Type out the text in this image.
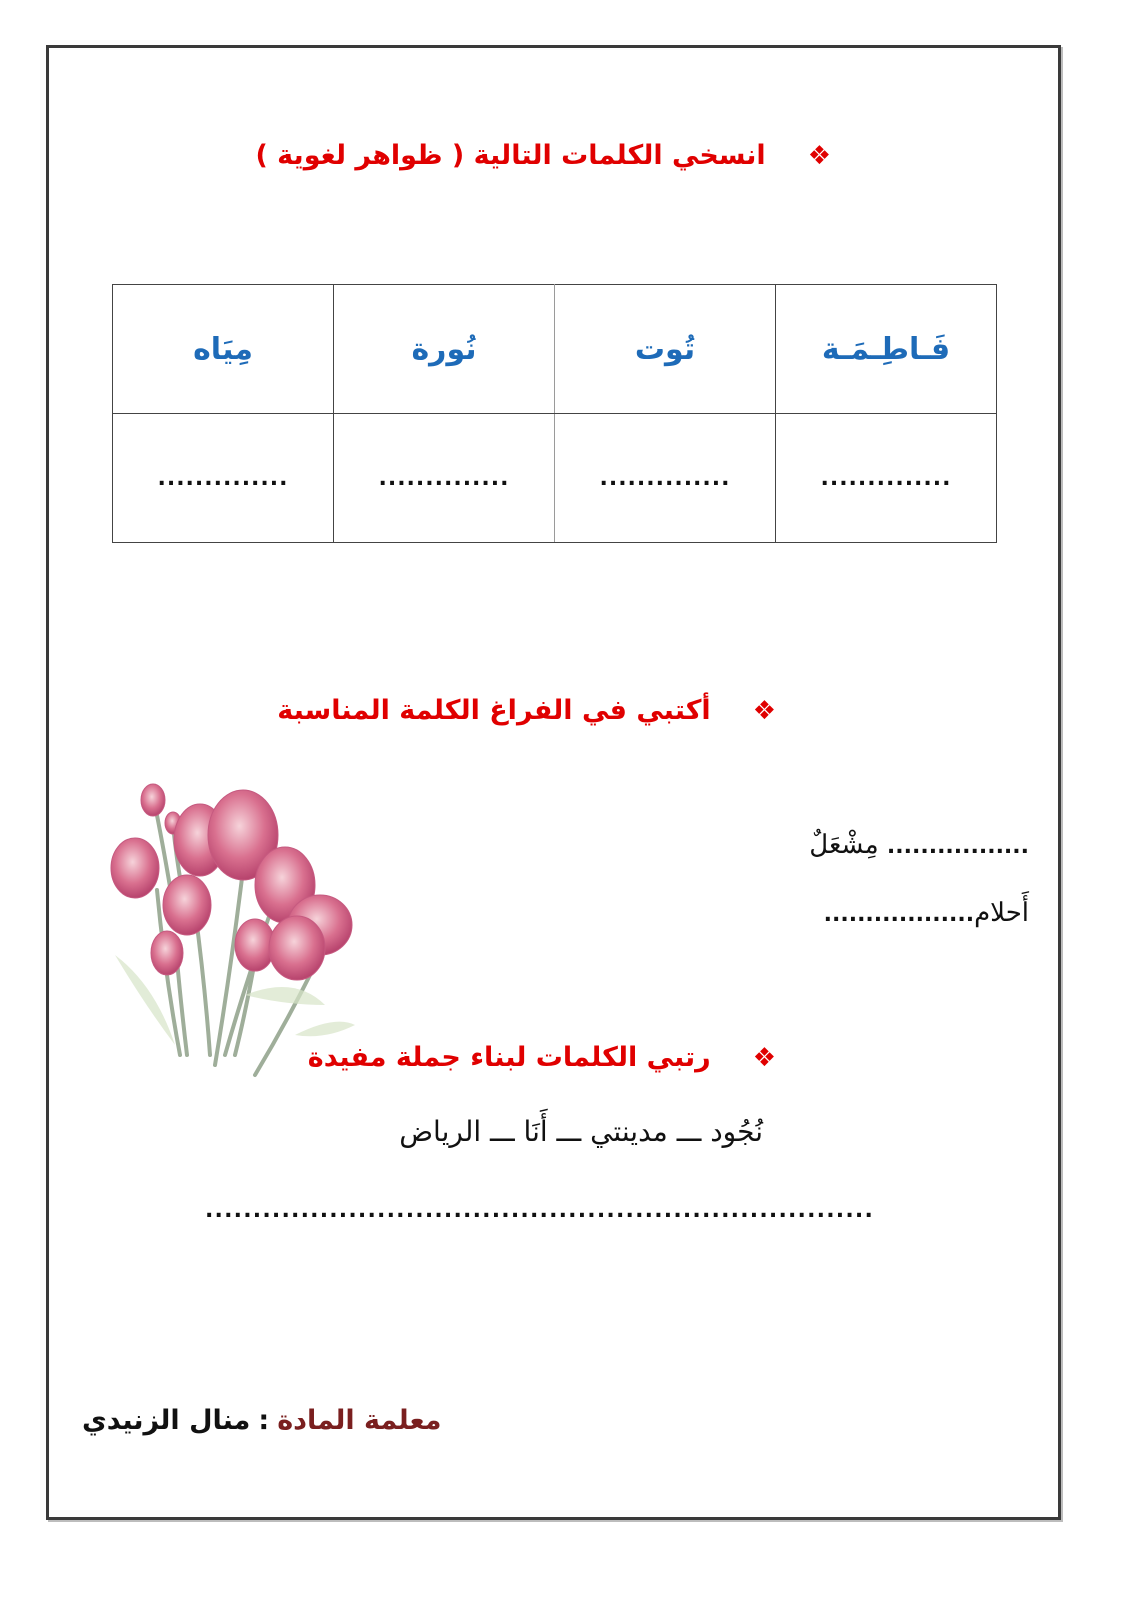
❖
انسخي الكلمات التالية ( ظواهر لغوية )
فَـاطِـمَـة	تُوت	نُورة	مِيَاه
..............	..............	..............	..............
❖
أكتبي في الفراغ الكلمة المناسبة
................. مِشْعَلٌ
أَحلام..................
❖
رتبي الكلمات لبناء جملة مفيدة
نُجُود ـــ مدينتي ـــ أَنَا ـــ الرياض
......................................................................
معلمة المادة:منال الزنيدي
